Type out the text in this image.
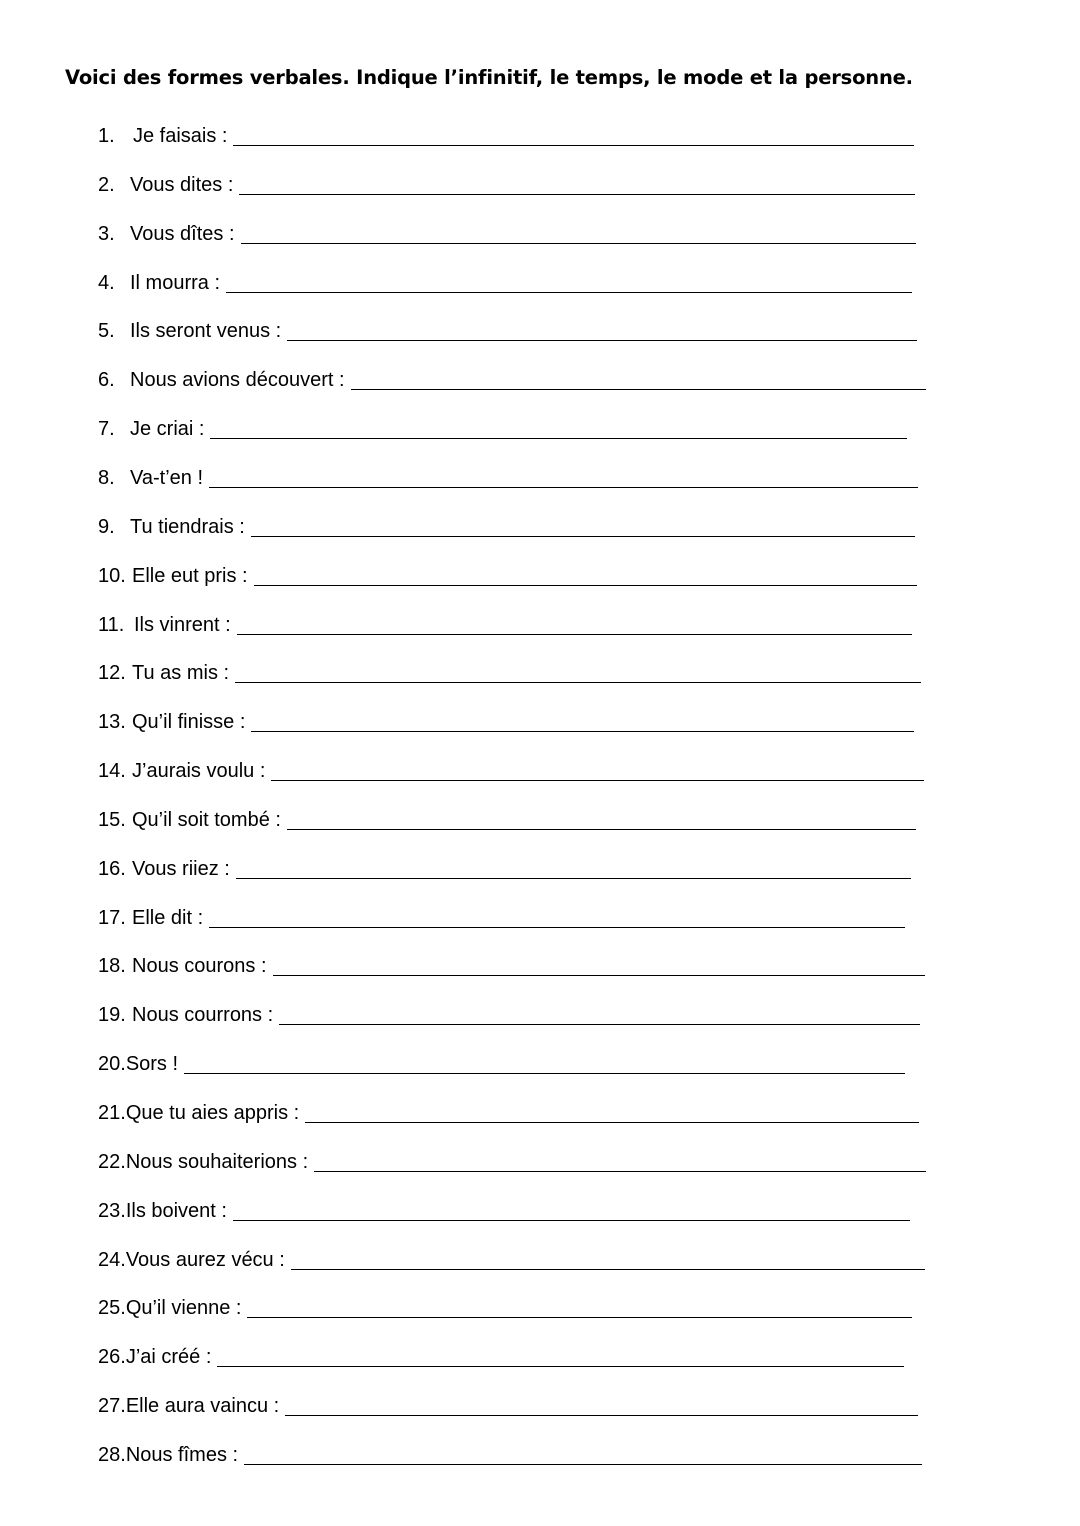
Voici des formes verbales. Indique l’infinitif, le temps, le mode et la personne.
1. Je faisais :
2. Vous dites :
3. Vous dîtes :
4. Il mourra :
5. Ils seront venus :
6. Nous avions découvert :
7. Je criai :
8. Va-t’en !
9. Tu tiendrais :
10. Elle eut pris :
11. Ils vinrent :
12. Tu as mis :
13. Qu’il finisse :
14. J’aurais voulu :
15. Qu’il soit tombé :
16. Vous riiez :
17. Elle dit :
18. Nous courons :
19. Nous courrons :
20. Sors !
21. Que tu aies appris :
22. Nous souhaiterions :
23. Ils boivent :
24. Vous aurez vécu :
25. Qu’il vienne :
26. J’ai créé :
27. Elle aura vaincu :
28. Nous fîmes :
